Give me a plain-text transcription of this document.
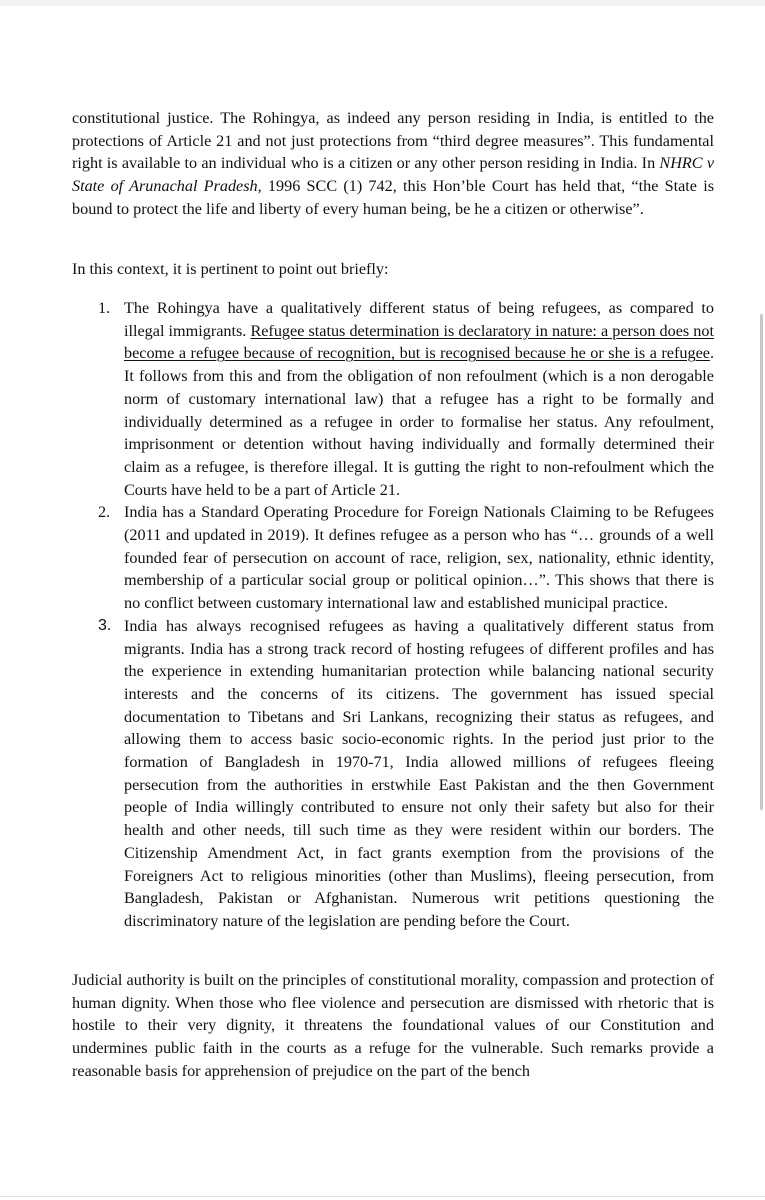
constitutional justice. The Rohingya, as indeed any person residing in India, is entitled to the protections of Article 21 and not just protections from “third degree measures”. This fundamental right is available to an individual who is a citizen or any other person residing in India. In NHRC v State of Arunachal Pradesh, 1996 SCC (1) 742, this Hon’ble Court has held that, “the State is bound to protect the life and liberty of every human being, be he a citizen or otherwise”.

In this context, it is pertinent to point out briefly:

1. The Rohingya have a qualitatively different status of being refugees, as compared to illegal immigrants. Refugee status determination is declaratory in nature: a person does not become a refugee because of recognition, but is recognised because he or she is a refugee. It follows from this and from the obligation of non refoulment (which is a non derogable norm of customary international law) that a refugee has a right to be formally and individually determined as a refugee in order to formalise her status. Any refoulment, imprisonment or detention without having individually and formally determined their claim as a refugee, is therefore illegal. It is gutting the right to non-refoulment which the Courts have held to be a part of Article 21.
2. India has a Standard Operating Procedure for Foreign Nationals Claiming to be Refugees (2011 and updated in 2019). It defines refugee as a person who has “… grounds of a well founded fear of persecution on account of race, religion, sex, nationality, ethnic identity, membership of a particular social group or political opinion…”. This shows that there is no conflict between customary international law and established municipal practice.
3. India has always recognised refugees as having a qualitatively different status from migrants. India has a strong track record of hosting refugees of different profiles and has the experience in extending humanitarian protection while balancing national security interests and the concerns of its citizens. The government has issued special documentation to Tibetans and Sri Lankans, recognizing their status as refugees, and allowing them to access basic socio-economic rights. In the period just prior to the formation of Bangladesh in 1970-71, India allowed millions of refugees fleeing persecution from the authorities in erstwhile East Pakistan and the then Government people of India willingly contributed to ensure not only their safety but also for their health and other needs, till such time as they were resident within our borders. The Citizenship Amendment Act, in fact grants exemption from the provisions of the Foreigners Act to religious minorities (other than Muslims), fleeing persecution, from Bangladesh, Pakistan or Afghanistan. Numerous writ petitions questioning the discriminatory nature of the legislation are pending before the Court.

Judicial authority is built on the principles of constitutional morality, compassion and protection of human dignity. When those who flee violence and persecution are dismissed with rhetoric that is hostile to their very dignity, it threatens the foundational values of our Constitution and undermines public faith in the courts as a refuge for the vulnerable. Such remarks provide a reasonable basis for apprehension of prejudice on the part of the bench
